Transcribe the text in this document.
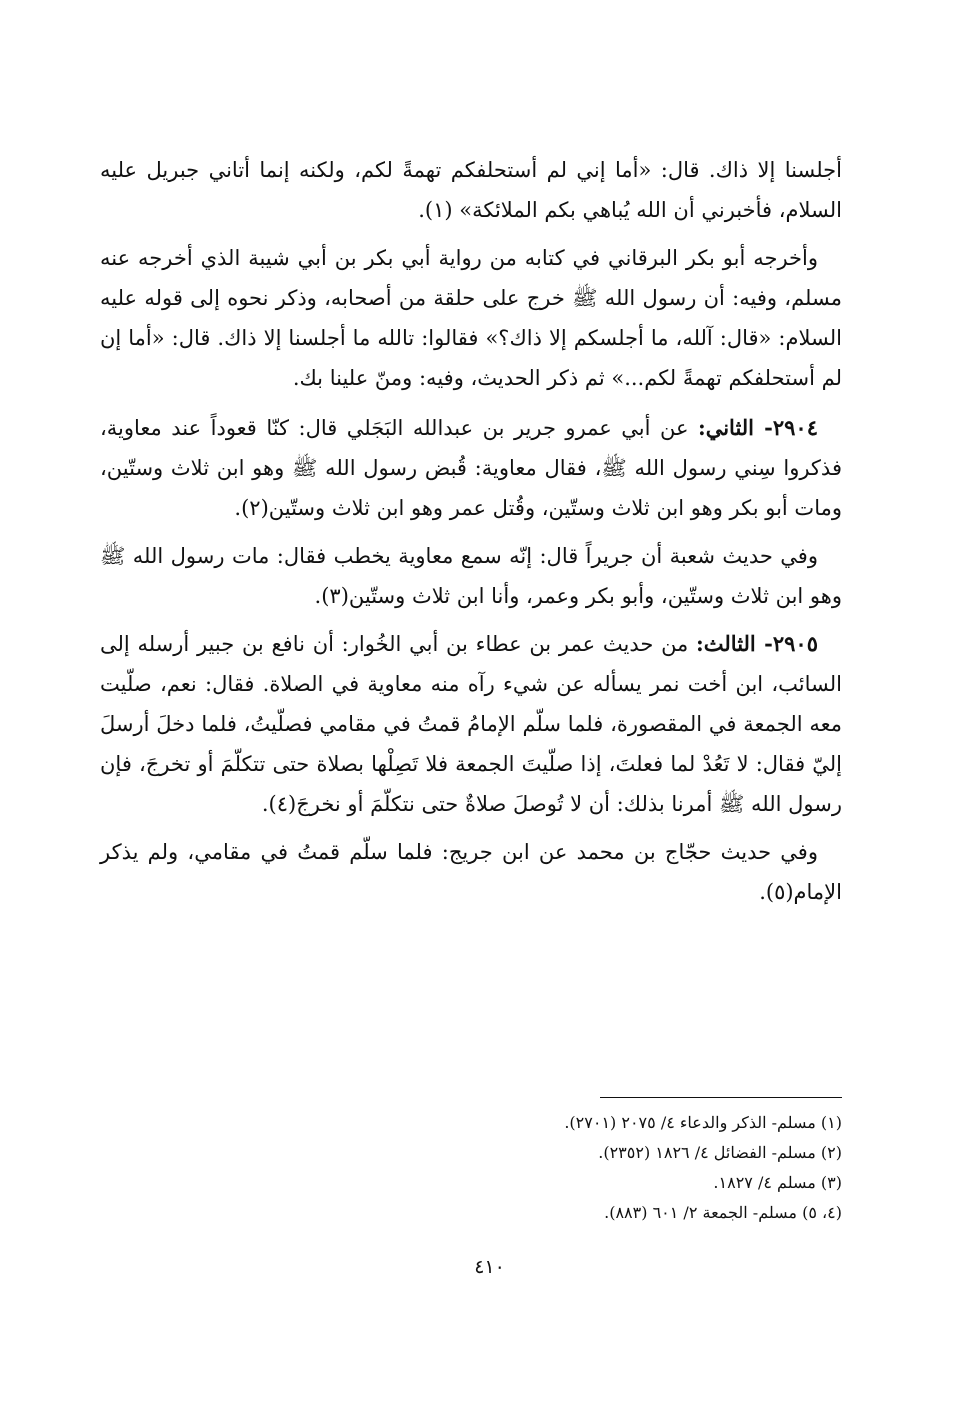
أجلسنا إلا ذاك. قال: «أما إني لم أستحلفكم تهمةً لكم، ولكنه إنما أتاني جبريل عليه السلام، فأخبرني أن الله يُباهي بكم الملائكة» (١).

وأخرجه أبو بكر البرقاني في كتابه من رواية أبي بكر بن أبي شيبة الذي أخرجه عنه مسلم، وفيه: أن رسول الله ﷺ خرج على حلقة من أصحابه، وذكر نحوه إلى قوله عليه السلام: «قال: آلله، ما أجلسكم إلا ذاك؟» فقالوا: تالله ما أجلسنا إلا ذاك. قال: «أما إن لم أستحلفكم تهمةً لكم...» ثم ذكر الحديث، وفيه: ومنّ علينا بك.

٢٩٠٤- الثاني: عن أبي عمرو جرير بن عبدالله البَجَلي قال: كنّا قعوداً عند معاوية، فذكروا سِني رسول الله ﷺ، فقال معاوية: قُبض رسول الله ﷺ وهو ابن ثلاث وستّين، ومات أبو بكر وهو ابن ثلاث وستّين، وقُتل عمر وهو ابن ثلاث وستّين(٢).

وفي حديث شعبة أن جريراً قال: إنّه سمع معاوية يخطب فقال: مات رسول الله ﷺ وهو ابن ثلاث وستّين، وأبو بكر وعمر، وأنا ابن ثلاث وستّين(٣).

٢٩٠٥- الثالث: من حديث عمر بن عطاء بن أبي الخُوار: أن نافع بن جبير أرسله إلى السائب، ابن أخت نمر يسأله عن شيء رآه منه معاوية في الصلاة. فقال: نعم، صلّيت معه الجمعة في المقصورة، فلما سلّم الإمامُ قمتُ في مقامي فصلّيتُ، فلما دخلَ أرسلَ إليّ فقال: لا تَعُدْ لما فعلتَ، إذا صلّيتَ الجمعة فلا تَصِلْها بصلاة حتى تتكلّمَ أو تخرجَ، فإن رسول الله ﷺ أمرنا بذلك: أن لا تُوصلَ صلاةٌ حتى نتكلّمَ أو نخرجَ(٤).

وفي حديث حجّاج بن محمد عن ابن جريج: فلما سلّم قمتُ في مقامي، ولم يذكر الإمام(٥).

(١) مسلم- الذكر والدعاء ٤/ ٢٠٧٥ (٢٧٠١).
(٢) مسلم- الفضائل ٤/ ١٨٢٦ (٢٣٥٢).
(٣) مسلم ٤/ ١٨٢٧.
(٤، ٥) مسلم- الجمعة ٢/ ٦٠١ (٨٨٣).
٤١٠
